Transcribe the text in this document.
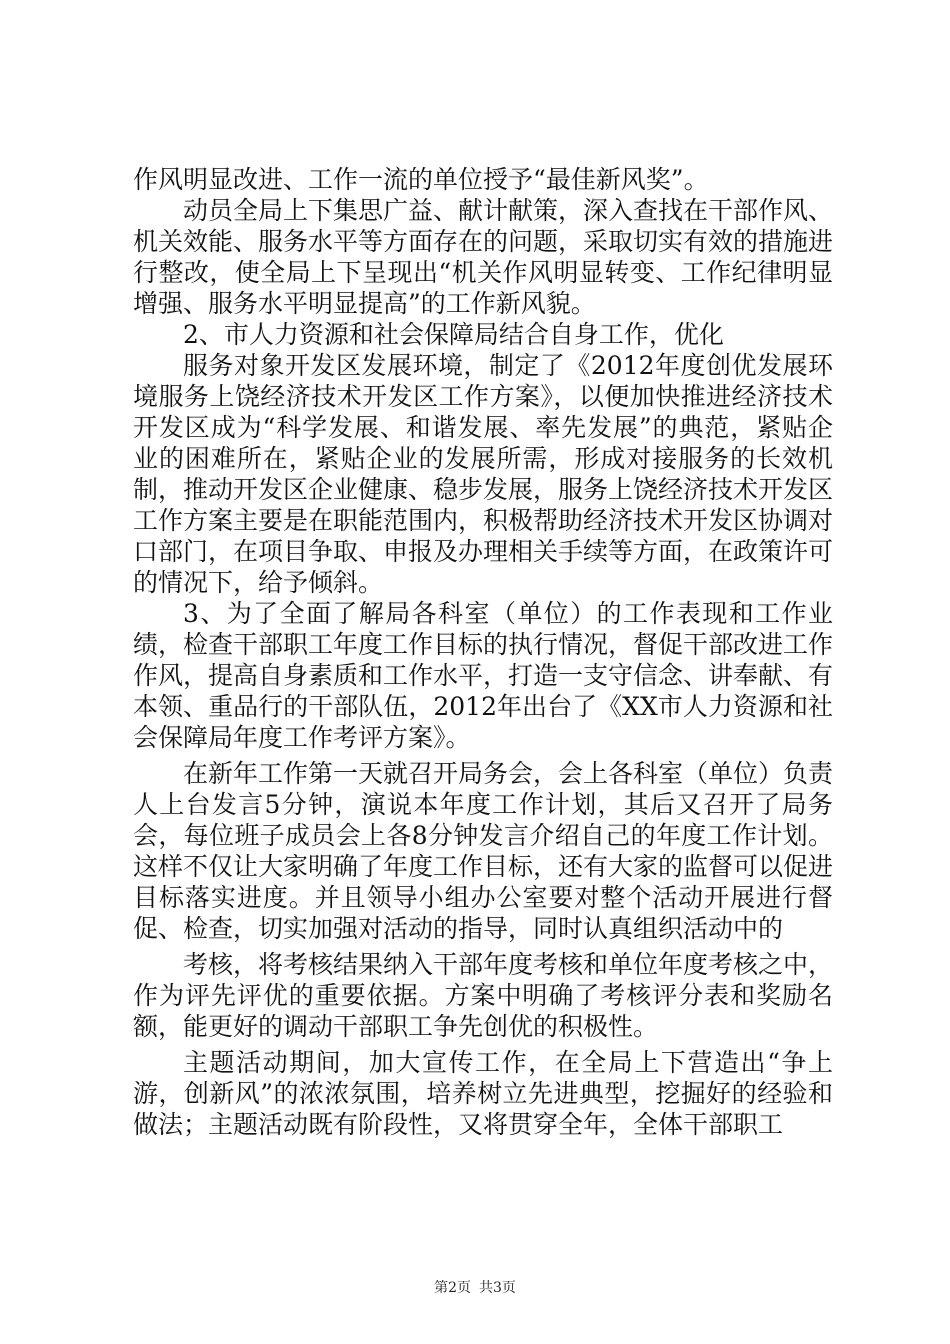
作风明显改进、工作一流的单位授予“最佳新风奖”。

动员全局上下集思广益、献计献策，深入查找在干部作风、机关效能、服务水平等方面存在的问题，采取切实有效的措施进行整改，使全局上下呈现出“机关作风明显转变、工作纪律明显增强、服务水平明显提高”的工作新风貌。

2、市人力资源和社会保障局结合自身工作，优化

服务对象开发区发展环境，制定了《2012年度创优发展环境服务上饶经济技术开发区工作方案》，以便加快推进经济技术开发区成为“科学发展、和谐发展、率先发展”的典范，紧贴企业的困难所在，紧贴企业的发展所需，形成对接服务的长效机制，推动开发区企业健康、稳步发展，服务上饶经济技术开发区工作方案主要是在职能范围内，积极帮助经济技术开发区协调对口部门，在项目争取、申报及办理相关手续等方面，在政策许可的情况下，给予倾斜。

3、为了全面了解局各科室（单位）的工作表现和工作业绩，检查干部职工年度工作目标的执行情况，督促干部改进工作作风，提高自身素质和工作水平，打造一支守信念、讲奉献、有本领、重品行的干部队伍，2012年出台了《XX市人力资源和社会保障局年度工作考评方案》。

在新年工作第一天就召开局务会，会上各科室（单位）负责人上台发言5分钟，演说本年度工作计划，其后又召开了局务会，每位班子成员会上各8分钟发言介绍自己的年度工作计划。这样不仅让大家明确了年度工作目标，还有大家的监督可以促进目标落实进度。并且领导小组办公室要对整个活动开展进行督促、检查，切实加强对活动的指导，同时认真组织活动中的

考核，将考核结果纳入干部年度考核和单位年度考核之中，作为评先评优的重要依据。方案中明确了考核评分表和奖励名额，能更好的调动干部职工争先创优的积极性。

主题活动期间，加大宣传工作，在全局上下营造出“争上游，创新风”的浓浓氛围，培养树立先进典型，挖掘好的经验和做法；主题活动既有阶段性，又将贯穿全年，全体干部职工

第2页 共3页
